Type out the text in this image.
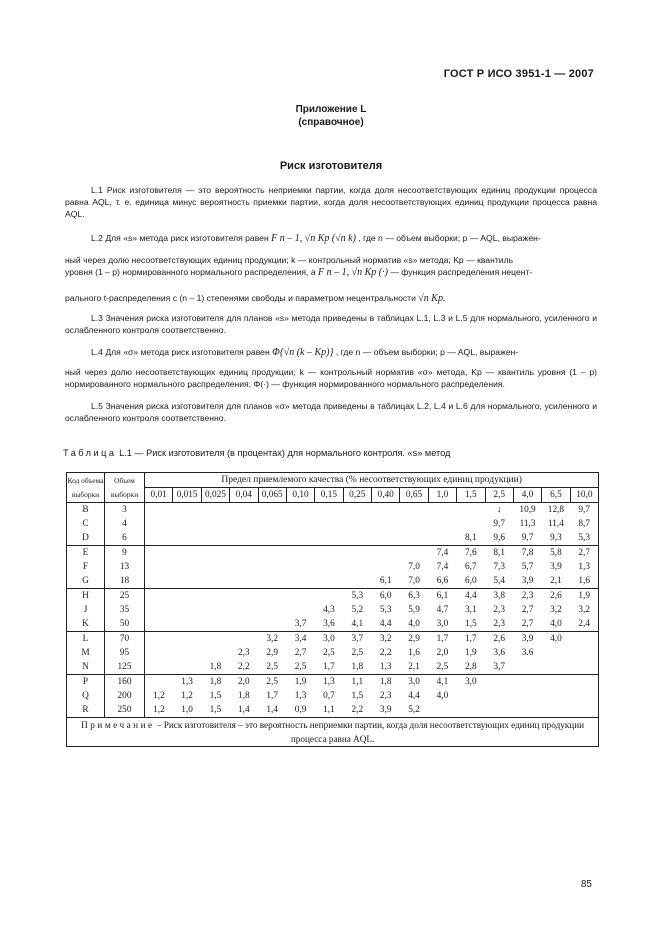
ГОСТ Р ИСО 3951-1 — 2007
Приложение L
(справочное)
Риск изготовителя

L.1 Риск изготовителя — это вероятность неприемки партии, когда доля несоответствующих единиц продукции процесса равна AQL, т. е. единица минус вероятность приемки партии, когда доля несоответствующих единиц продукции процесса равна AQL.

L.2 Для «s» метода риск изготовителя равен F n – 1, √n Kp (√n k) , где n — объем выборки; p — AQL, выражен-
ный через долю несоответствующих единиц продукции; k — контрольный норматив «s» метода; Kp — квантиль
уровня (1 – p) нормированного нормального распределения, а F n – 1, √n Kp (·) — функция распределения нецент-
рального t-распределения с (n – 1) степенями свободы и параметром нецентральности √n Kp.

L.3 Значения риска изготовителя для планов «s» метода приведены в таблицах L.1, L.3 и L.5 для нормального, усиленного и ослабленного контроля соответственно.

L.4 Для «σ» метода риск изготовителя равен Φ{√n (k – Kp)} , где n — объем выборки; p — AQL, выражен-
ный через долю несоответствующих единиц продукции; k — контрольный норматив «σ» метода, Kp — квантиль уровня (1 – p) нормированного нормального распределения; Φ(·) — функция нормированного нормального распределения.

L.5 Значения риска изготовителя для планов «σ» метода приведены в таблицах L.2, L.4 и L.6 для нормального, усиленного и ослабленного контроля соответственно.

Таблица L.1 — Риск изготовителя (в процентах) для нормального контроля. «s» метод
Код объема выборки	Объем выборки	Предел приемлемого качества (% несоответствующих единиц продукции)															
		0,01	0,015	0,025	0,04	0,065	0,10	0,15	0,25	0,40	0,65	1,0	1,5	2,5	4,0	6,5	10,0
B	3													↓	10,9	12,8	9,7
C	4													9,7	11,3	11,4	8,7
D	6												8,1	9,6	9,7	9,3	5,3
E	9											7,4	7,6	8,1	7,8	5,8	2,7
F	13										7,0	7,4	6,7	7,3	5,7	3,9	1,3
G	18									6,1	7,0	6,6	6,0	5,4	3,9	2,1	1,6
H	25								5,3	6,0	6,3	6,1	4,4	3,8	2,3	2,6	1,9
J	35							4,3	5,2	5,3	5,9	4,7	3,1	2,3	2,7	3,2	3,2
K	50						3,7	3,6	4,1	4,4	4,0	3,0	1,5	2,3	2,7	4,0	2,4
L	70					3,2	3,4	3,0	3,7	3,2	2,9	1,7	1,7	2,6	3,9	4,0	
M	95				2,3	2,9	2,7	2,5	2,5	2,2	1,6	2,0	1,9	3,6	3.6		
N	125			1,8	2,2	2,5	2,5	1,7	1,8	1,3	2,1	2,5	2,8	3,7			
P	160		1,3	1,8	2,0	2,5	1,9	1,3	1,1	1,8	3,0	4,1	3,0				
Q	200	1,2	1,2	1,5	1,8	1,7	1,3	0,7	1,5	2,3	4,4	4,0					
R	250	1,2	1,0	1,5	1,4	1,4	0,9	1,1	2,2	3,9	5,2						
Примечание – Риск изготовителя – это вероятность неприемки партии, когда доля несоответствующих единиц продукции процесса равна AQL.																	
85
